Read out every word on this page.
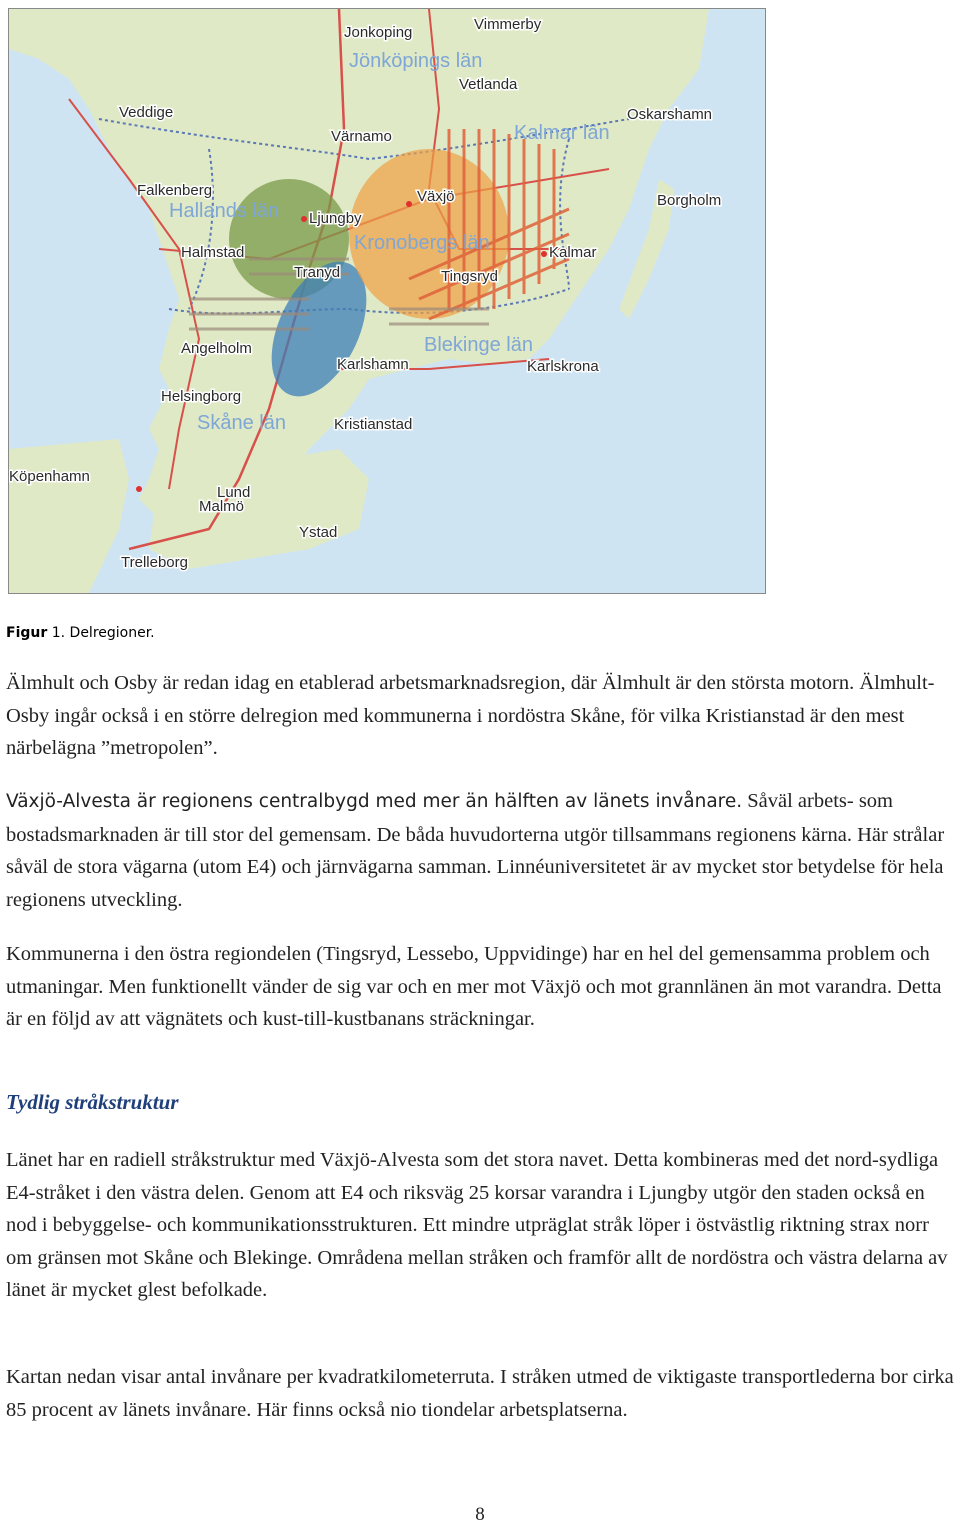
Jönköpings län
Kalmar län
Hallands län
Kronobergs län
Blekinge län
Skåne län
Jonkoping	Vimmerby
Vetlanda
Veddige
Värnamo
Oskarshamn
Falkenberg	Växjö	Borgholm
Ljungby
Halmstad
Tranyd
Kalmar
Tingsryd
Angelholm
Karlshamn	Karlskrona
Helsingborg
Kristianstad
Köpenhamn
Lund
Malmö
Ystad
Trelleborg
Figur 1. Delregioner.

Älmhult och Osby är redan idag en etablerad arbetsmarknadsregion, där Älmhult är den största motorn. Älmhult-Osby ingår också i en större delregion med kommunerna i nordöstra Skåne, för vilka Kristianstad är den mest närbelägna ”metropolen”.

Växjö-Alvesta är regionens centralbygd med mer än hälften av länets invånare. Såväl arbets- som bostadsmarknaden är till stor del gemensam. De båda huvudorterna utgör tillsammans regionens kärna. Här strålar såväl de stora vägarna (utom E4) och järnvägarna samman. Linnéuniversitetet är av mycket stor betydelse för hela regionens utveckling.

Kommunerna i den östra regiondelen (Tingsryd, Lessebo, Uppvidinge) har en hel del gemensamma problem och utmaningar. Men funktionellt vänder de sig var och en mer mot Växjö och mot grannlänen än mot varandra. Detta är en följd av att vägnätets och kust-till-kustbanans sträckningar.

Tydlig stråkstruktur

Länet har en radiell stråkstruktur med Växjö-Alvesta som det stora navet. Detta kombineras med det nord-sydliga E4-stråket i den västra delen. Genom att E4 och riksväg 25 korsar varandra i Ljungby utgör den staden också en nod i bebyggelse- och kommunikationsstrukturen. Ett mindre utpräglat stråk löper i östvästlig riktning strax norr om gränsen mot Skåne och Blekinge. Områdena mellan stråken och framför allt de nordöstra och västra delarna av länet är mycket glest befolkade.

Kartan nedan visar antal invånare per kvadratkilometerruta. I stråken utmed de viktigaste transportlederna bor cirka 85 procent av länets invånare. Här finns också nio tiondelar arbetsplatserna.

8
